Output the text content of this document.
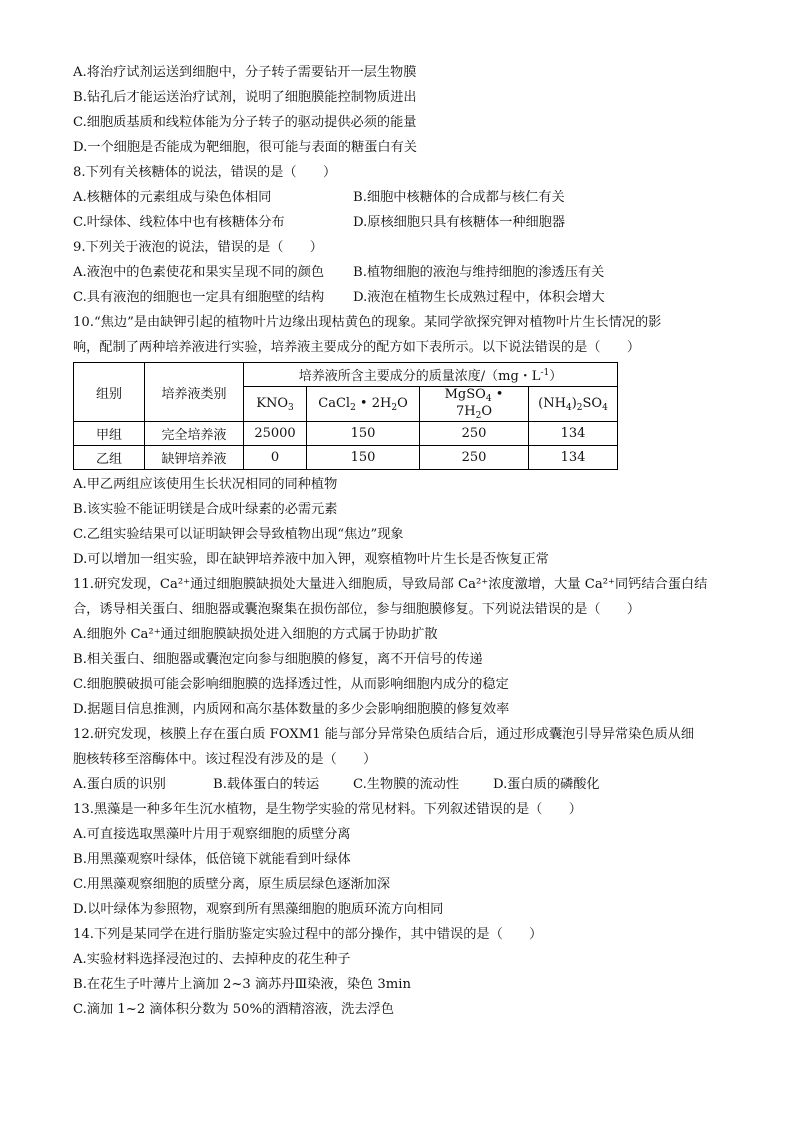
A.将治疗试剂运送到细胞中，分子转子需要钻开一层生物膜
B.钻孔后才能运送治疗试剂，说明了细胞膜能控制物质进出
C.细胞质基质和线粒体能为分子转子的驱动提供必须的能量
D.一个细胞是否能成为靶细胞，很可能与表面的糖蛋白有关
8.下列有关核糖体的说法，错误的是（　　）
A.核糖体的元素组成与染色体相同	B.细胞中核糖体的合成都与核仁有关
C.叶绿体、线粒体中也有核糖体分布	D.原核细胞只具有核糖体一种细胞器
9.下列关于液泡的说法，错误的是（　　）
A.液泡中的色素使花和果实呈现不同的颜色	B.植物细胞的液泡与维持细胞的渗透压有关
C.具有液泡的细胞也一定具有细胞壁的结构	D.液泡在植物生长成熟过程中，体积会增大
10.“焦边”是由缺钾引起的植物叶片边缘出现枯黄色的现象。某同学欲探究钾对植物叶片生长情况的影
响，配制了两种培养液进行实验，培养液主要成分的配方如下表所示。以下说法错误的是（　　）
组别	培养液类别	培养液所含主要成分的质量浓度/（mg・$L^{-1}$）			
		$KNO_3$	CaCl$_2$ • $2H_2O$	MgSO$_4$ • $7H_2O$	$(NH_4)_2SO_4$
甲组	完全培养液	25000	150	250	134
乙组	缺钾培养液	0	150	250	134
A.甲乙两组应该使用生长状况相同的同种植物
B.该实验不能证明镁是合成叶绿素的必需元素
C.乙组实验结果可以证明缺钾会导致植物出现“焦边”现象
D.可以增加一组实验，即在缺钾培养液中加入钾，观察植物叶片生长是否恢复正常
11.研究发现，Ca²⁺通过细胞膜缺损处大量进入细胞质，导致局部 Ca²⁺浓度激增，大量 Ca²⁺同钙结合蛋白结
合，诱导相关蛋白、细胞器或囊泡聚集在损伤部位，参与细胞膜修复。下列说法错误的是（　　）
A.细胞外 Ca²⁺通过细胞膜缺损处进入细胞的方式属于协助扩散
B.相关蛋白、细胞器或囊泡定向参与细胞膜的修复，离不开信号的传递
C.细胞膜破损可能会影响细胞膜的选择透过性，从而影响细胞内成分的稳定
D.据题目信息推测，内质网和高尔基体数量的多少会影响细胞膜的修复效率
12.研究发现，核膜上存在蛋白质 FOXM1 能与部分异常染色质结合后，通过形成囊泡引导异常染色质从细
胞核转移至溶酶体中。该过程没有涉及的是（　　）
A.蛋白质的识别	B.载体蛋白的转运	C.生物膜的流动性	D.蛋白质的磷酸化
13.黑藻是一种多年生沉水植物，是生物学实验的常见材料。下列叙述错误的是（　　）
A.可直接选取黑藻叶片用于观察细胞的质壁分离
B.用黑藻观察叶绿体，低倍镜下就能看到叶绿体
C.用黑藻观察细胞的质壁分离，原生质层绿色逐渐加深
D.以叶绿体为参照物，观察到所有黑藻细胞的胞质环流方向相同
14.下列是某同学在进行脂肪鉴定实验过程中的部分操作，其中错误的是（　　）
A.实验材料选择浸泡过的、去掉种皮的花生种子
B.在花生子叶薄片上滴加 2~3 滴苏丹Ⅲ染液，染色 3min
C.滴加 1~2 滴体积分数为 50%的酒精溶液，洗去浮色
